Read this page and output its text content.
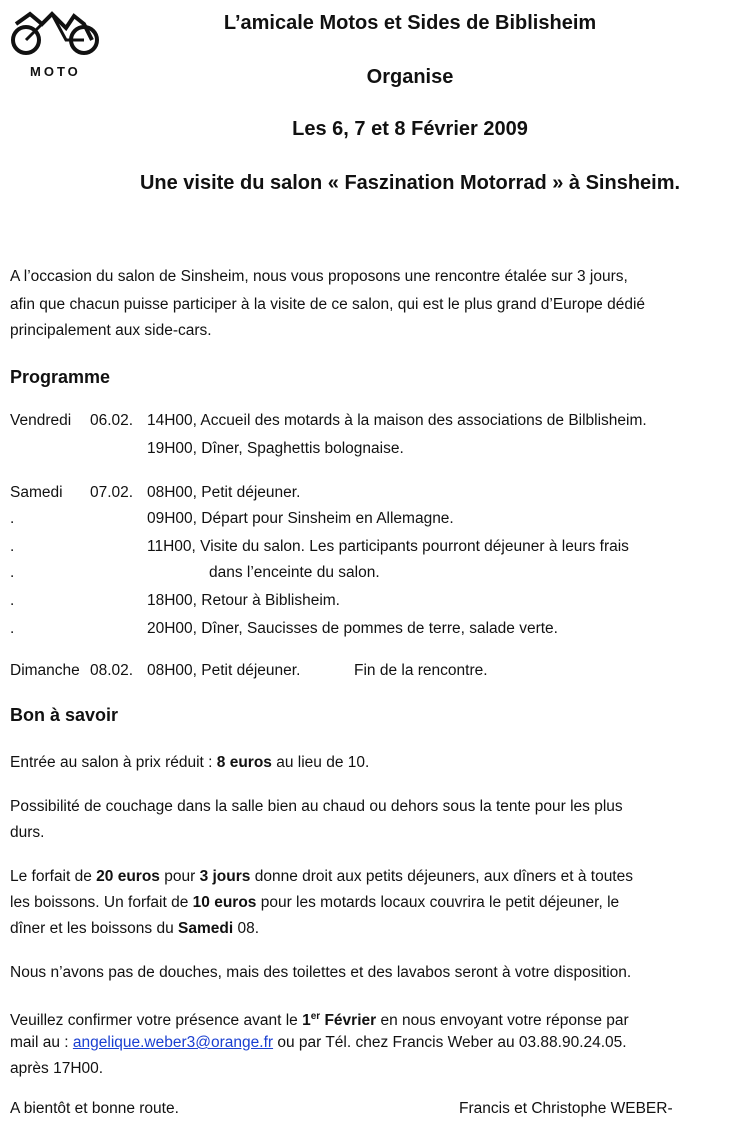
MOTO
L’amicale Motos et Sides de Biblisheim
Organise
Les 6, 7 et 8 Février 2009
Une visite du salon « Faszination Motorrad » à Sinsheim.

A l’occasion du salon de Sinsheim, nous vous proposons une rencontre étalée sur 3 jours,

afin que chacun puisse participer à la visite de ce salon, qui est le plus grand d’Europe dédié

principalement aux side-cars.

Programme
Vendredi 06.02. 14H00, Accueil des motards à la maison des associations de Bilblisheim.
19H00, Dîner, Spaghettis bolognaise.
Samedi 07.02. 08H00, Petit déjeuner.
.	09H00, Départ pour Sinsheim en Allemagne.
.	11H00, Visite du salon. Les participants pourront déjeuner à leurs frais
.	dans l’enceinte du salon.
.	18H00, Retour à Biblisheim.
.	20H00, Dîner, Saucisses de pommes de terre, salade verte.
Dimanche 08.02. 08H00, Petit déjeuner.	Fin de la rencontre.
Bon à savoir

Entrée au salon à prix réduit : 8 euros au lieu de 10.

Possibilité de couchage dans la salle bien au chaud ou dehors sous la tente pour les plus

durs.

Le forfait de 20 euros pour 3 jours donne droit aux petits déjeuners, aux dîners et à toutes

les boissons. Un forfait de 10 euros pour les motards locaux couvrira le petit déjeuner, le

dîner et les boissons du Samedi 08.

Nous n’avons pas de douches, mais des toilettes et des lavabos seront à votre disposition.

Veuillez confirmer votre présence avant le 1er Février en nous envoyant votre réponse par

mail au : angelique.weber3@orange.fr ou par Tél. chez Francis Weber au 03.88.90.24.05.

après 17H00.

A bientôt et bonne route.	Francis et Christophe WEBER-
